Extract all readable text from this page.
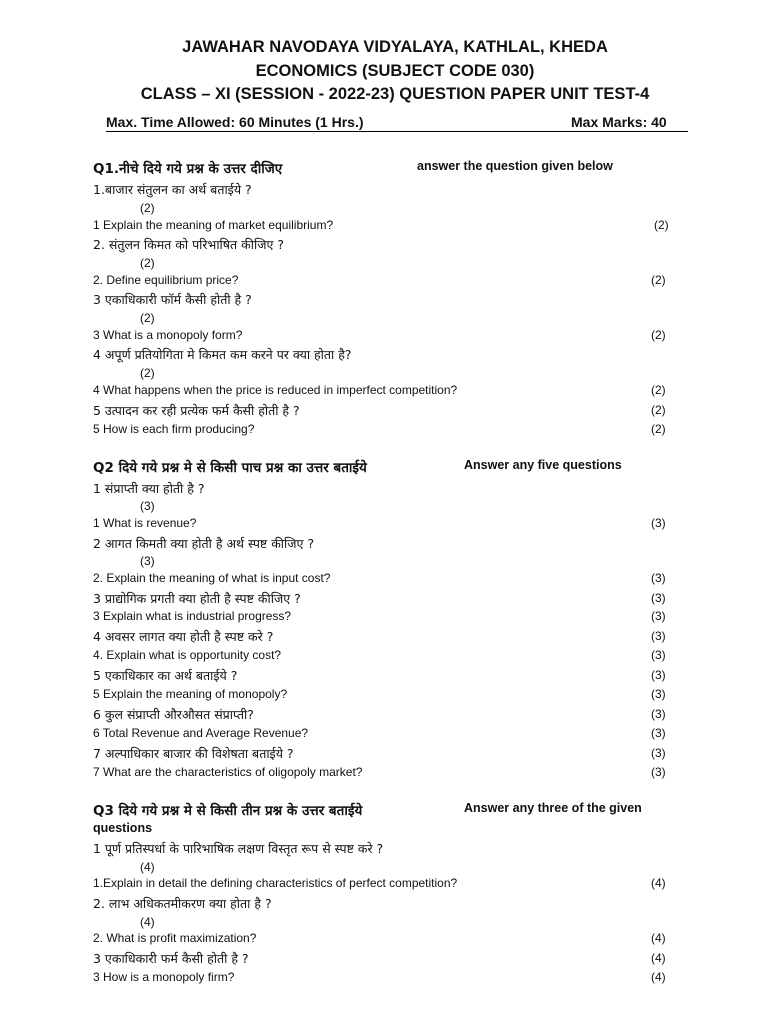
JAWAHAR NAVODAYA VIDYALAYA, KATHLAL, KHEDA
ECONOMICS (SUBJECT CODE 030)
CLASS – XI (SESSION - 2022-23) QUESTION PAPER UNIT TEST-4
Max. Time Allowed: 60 Minutes (1 Hrs.)	Max Marks: 40
Q1.नीचे दिये गये प्रश्न के उत्तर दीजिए	answer the question given below
1.बाजार संतुलन का अर्थ बताईये ?
(2)
1 Explain the meaning of market equilibrium?	(2)
2. संतुलन किमत को परिभाषित कीजिए ?
(2)
2. Define equilibrium price?	(2)
3 एकाधिकारी फॉर्म कैसी होती है ?
(2)
3 What is a monopoly form?	(2)
4 अपूर्ण प्रतियोगिता मे किमत कम करने पर क्या होता है?
(2)
4 What happens when the price is reduced in imperfect competition?	(2)
5 उत्पादन कर रही प्रत्येक फर्म कैसी होती है ?	(2)
5 How is each firm producing?	(2)
Q2 दिये गये प्रश्न मे से किसी पाच प्रश्न का उत्तर बताईये	Answer any five questions
1 संप्राप्ती क्या होती है ?
(3)
1 What is revenue?	(3)
2 आगत किमती क्या होती है अर्थ स्पष्ट कीजिए ?
(3)
2. Explain the meaning of what is input cost?	(3)
3 प्राद्योगिक प्रगती क्या होती है स्पष्ट कीजिए ?	(3)
3 Explain what is industrial progress?	(3)
4 अवसर लागत क्या होती है स्पष्ट करे ?	(3)
4. Explain what is opportunity cost?	(3)
5 एकाधिकार का अर्थ बताईये ?	(3)
5 Explain the meaning of monopoly?	(3)
6 कुल संप्राप्ती औरऔसत संप्राप्ती?	(3)
6 Total Revenue and Average Revenue?	(3)
7 अल्पाधिकार बाजार की विशेषता बताईये ?	(3)
7 What are the characteristics of oligopoly market?	(3)
Q3 दिये गये प्रश्न मे से किसी तीन प्रश्न के उत्तर बताईये	Answer any three of the given
questions
1 पूर्ण प्रतिस्पर्धा के पारिभाषिक लक्षण विस्तृत रूप से स्पष्ट करे ?
(4)
1.Explain in detail the defining characteristics of perfect competition?	(4)
2. लाभ अधिकतमीकरण क्या होता है ?
(4)
2. What is profit maximization?	(4)
3 एकाधिकारी फर्म कैसी होती है ?	(4)
3 How is a monopoly firm?	(4)
